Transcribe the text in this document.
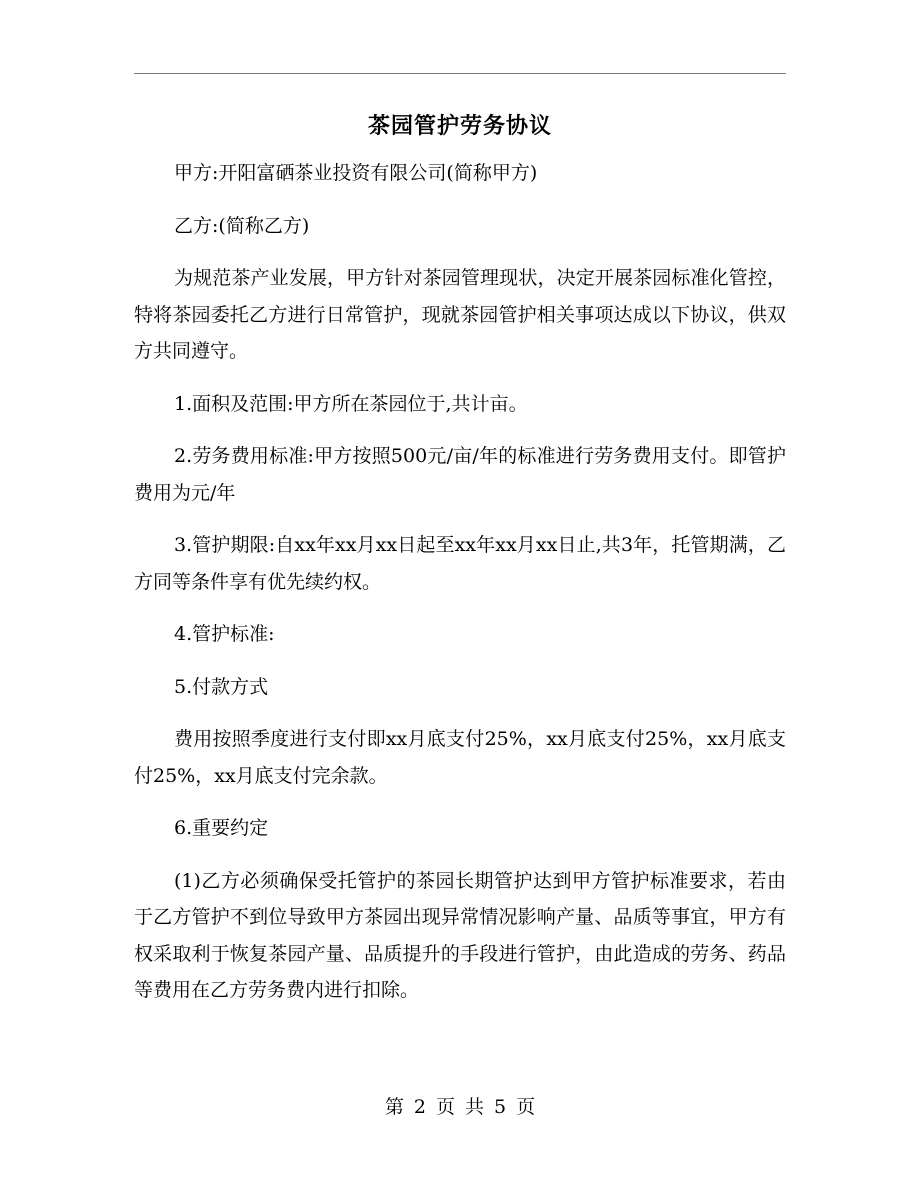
茶园管护劳务协议

甲方:开阳富硒茶业投资有限公司(简称甲方)

乙方:(简称乙方)

为规范茶产业发展，甲方针对茶园管理现状，决定开展茶园标准化管控，特将茶园委托乙方进行日常管护，现就茶园管护相关事项达成以下协议，供双方共同遵守。

1.面积及范围:甲方所在茶园位于,共计亩。

2.劳务费用标准:甲方按照500元/亩/年的标准进行劳务费用支付。即管护费用为元/年

3.管护期限:自xx年xx月xx日起至xx年xx月xx日止,共3年，托管期满，乙方同等条件享有优先续约权。

4.管护标准:

5.付款方式

费用按照季度进行支付即xx月底支付25%，xx月底支付25%，xx月底支付25%，xx月底支付完余款。

6.重要约定

(1)乙方必须确保受托管护的茶园长期管护达到甲方管护标准要求，若由于乙方管护不到位导致甲方茶园出现异常情况影响产量、品质等事宜，甲方有权采取利于恢复茶园产量、品质提升的手段进行管护，由此造成的劳务、药品等费用在乙方劳务费内进行扣除。

第 2 页 共 5 页
